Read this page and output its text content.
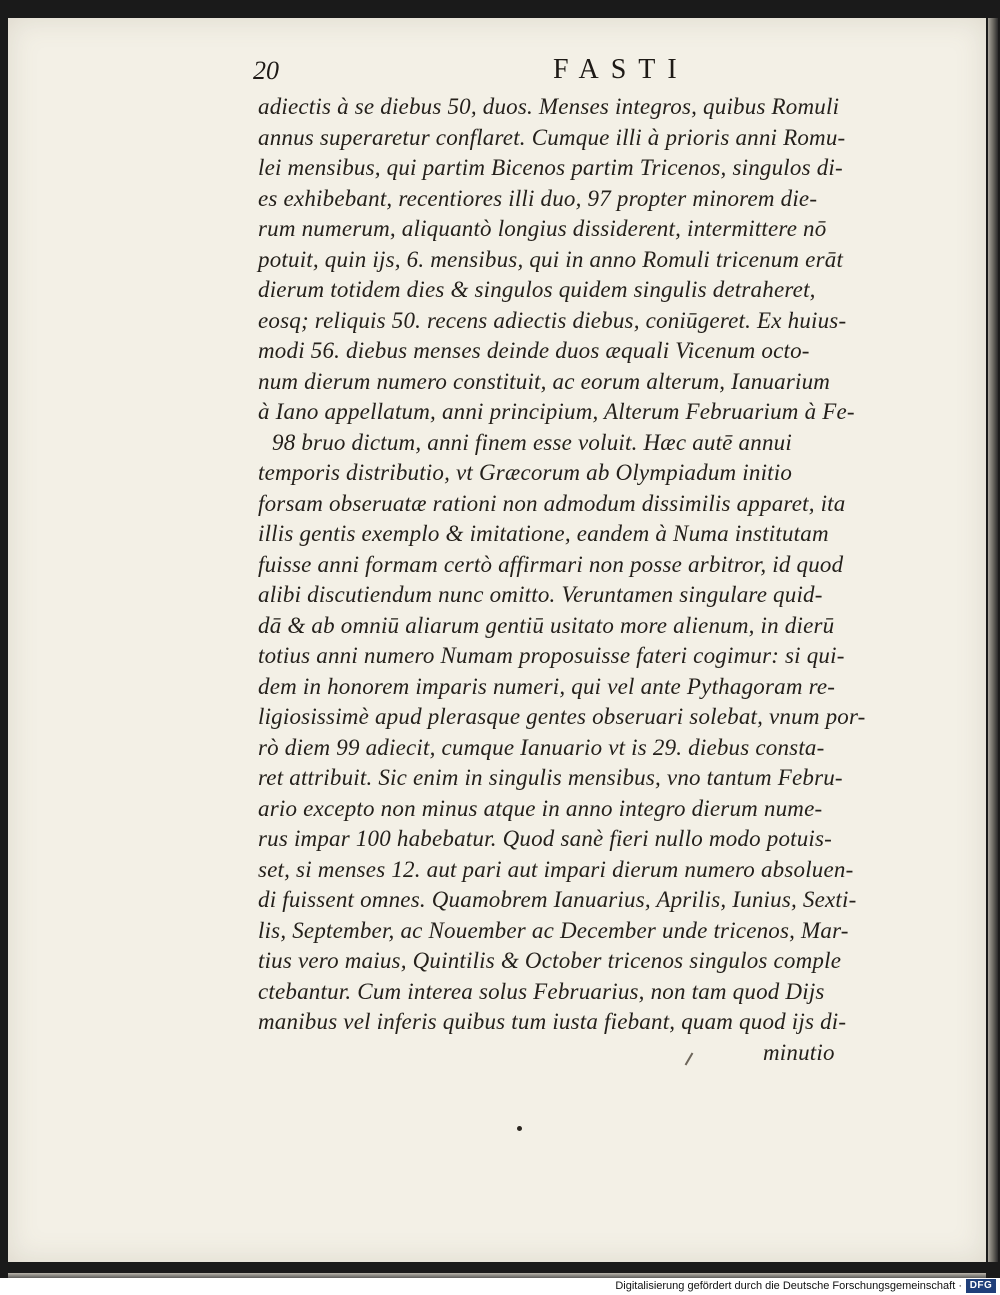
20	FASTI
adiectis à se diebus 50, duos. Menses integros, quibus Romuli
annus superaretur conflaret. Cumque illi à prioris anni Romu-
lei mensibus, qui partim Bicenos partim Tricenos, singulos di-
es exhibebant, recentiores illi duo, 97 propter minorem die-
rum numerum, aliquantò longius dissiderent, intermittere nō
potuit, quin ijs, 6. mensibus, qui in anno Romuli tricenum erāt
dierum totidem dies & singulos quidem singulis detraheret,
eosq; reliquis 50. recens adiectis diebus, coniūgeret. Ex huius-
modi 56. diebus menses deinde duos æquali Vicenum octo-
num dierum numero constituit, ac eorum alterum, Ianuarium
à Iano appellatum, anni principium, Alterum Februarium à Fe-
98 bruo dictum, anni finem esse voluit. Hæc autē annui
temporis distributio, vt Græcorum ab Olympiadum initio
forsam obseruatæ rationi non admodum dissimilis apparet, ita
illis gentis exemplo & imitatione, eandem à Numa institutam
fuisse anni formam certò affirmari non posse arbitror, id quod
alibi discutiendum nunc omitto. Veruntamen singulare quid-
dā & ab omniū aliarum gentiū usitato more alienum, in dierū
totius anni numero Numam proposuisse fateri cogimur: si qui-
dem in honorem imparis numeri, qui vel ante Pythagoram re-
ligiosissimè apud plerasque gentes obseruari solebat, vnum por-
rò diem 99 adiecit, cumque Ianuario vt is 29. diebus consta-
ret attribuit. Sic enim in singulis mensibus, vno tantum Febru-
ario excepto non minus atque in anno integro dierum nume-
rus impar 100 habebatur. Quod sanè fieri nullo modo potuis-
set, si menses 12. aut pari aut impari dierum numero absoluen-
di fuissent omnes. Quamobrem Ianuarius, Aprilis, Iunius, Sexti-
lis, September, ac Nouember ac December unde tricenos, Mar-
tius vero maius, Quintilis & October tricenos singulos comple
ctebantur. Cum interea solus Februarius, non tam quod Dijs
manibus vel inferis quibus tum iusta fiebant, quam quod ijs di-
minutio
Digitalisierung gefördert durch die Deutsche Forschungsgemeinschaft · DFG
